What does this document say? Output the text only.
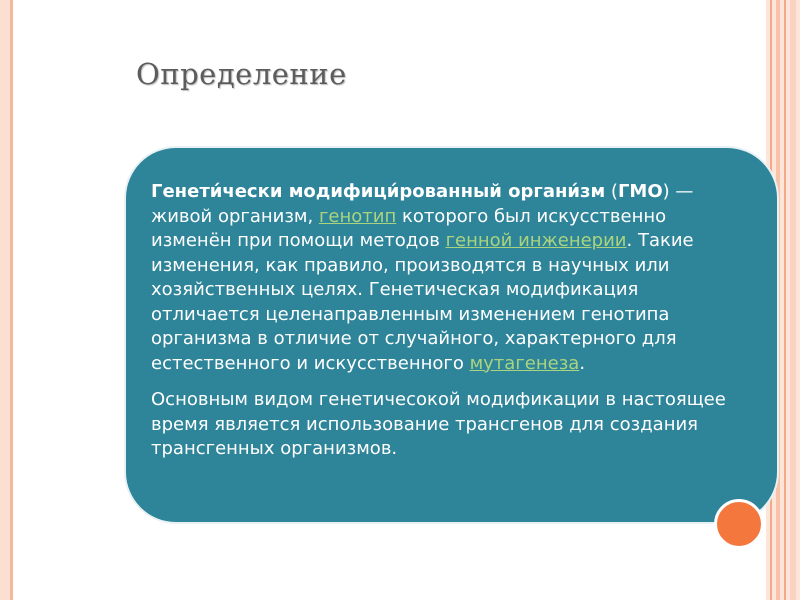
Определение

Генети́чески модифици́рованный органи́зм (ГМО) — живой организм, генотип которого был искусственно изменён при помощи методов генной инженерии. Такие изменения, как правило, производятся в научных или хозяйственных целях. Генетическая модификация отличается целенаправленным изменением генотипа организма в отличие от случайного, характерного для естественного и искусственного мутагенеза.

Основным видом генетичесокой модификации в настоящее время является использование трансгенов для создания трансгенных организмов.
